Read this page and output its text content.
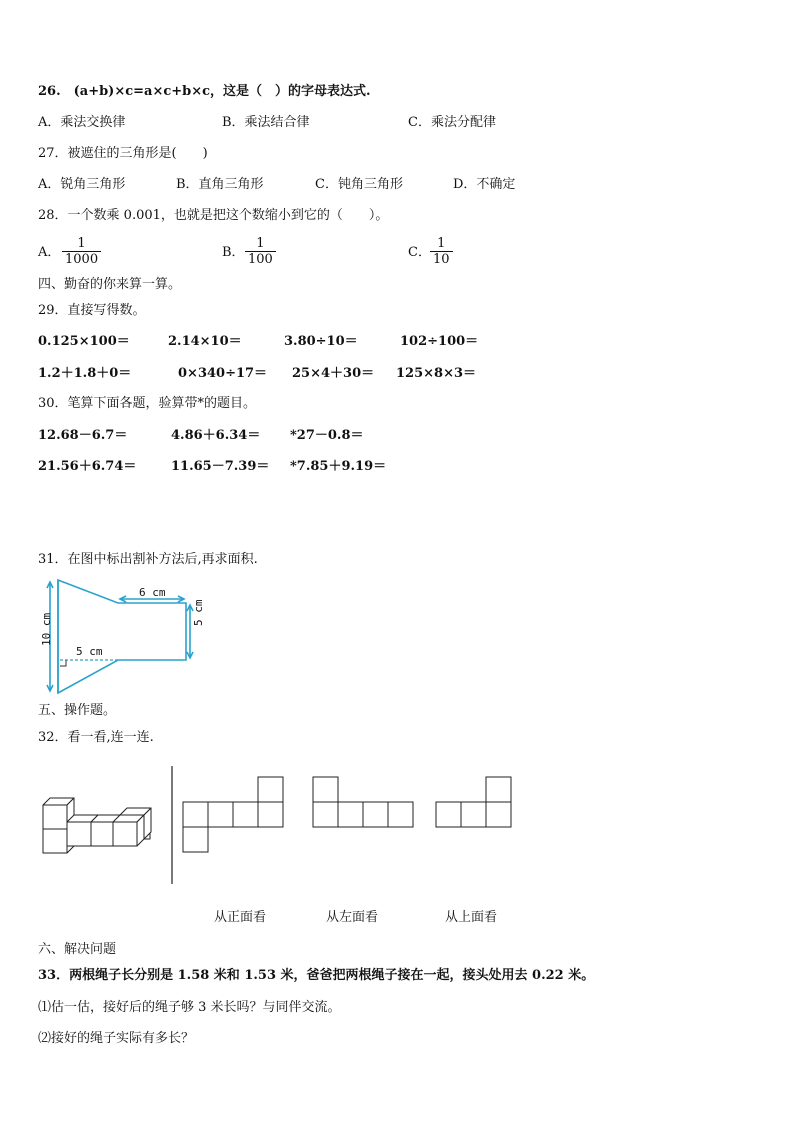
26.　(a+b)×c=a×c+b×c，这是（　）的字母表达式.
A．乘法交换律	B．乘法结合律	C．乘法分配律
27．被遮住的三角形是(　　)
A．锐角三角形	B．直角三角形	C．钝角三角形	D．不确定
28．一个数乘 0.001，也就是把这个数缩小到它的（　　）。
A． $\frac{1}{1000}$	B． $\frac{1}{100}$	C． $\frac{1}{10}$
四、勤奋的你来算一算。
29．直接写得数。
0.125×100＝	2.14×10＝	3.80÷10＝	102÷100＝
1.2＋1.8＋0＝	0×340÷17＝ 25×4＋30＝ 125×8×3＝
30．笔算下面各题，验算带*的题目。
12.68－6.7＝	4.86＋6.34＝ *27－0.8＝
21.56＋6.74＝	11.65－7.39＝ *7.85＋9.19＝
31．在图中标出割补方法后,再求面积.
6 cm
5 cm
10 cm
5 cm
五、操作题。
32．看一看,连一连.
从正面看	从左面看	从上面看
六、解决问题
33．两根绳子长分别是 1.58 米和 1.53 米，爸爸把两根绳子接在一起，接头处用去 0.22 米。
⑴估一估，接好后的绳子够 3 米长吗？与同伴交流。
⑵接好的绳子实际有多长？
